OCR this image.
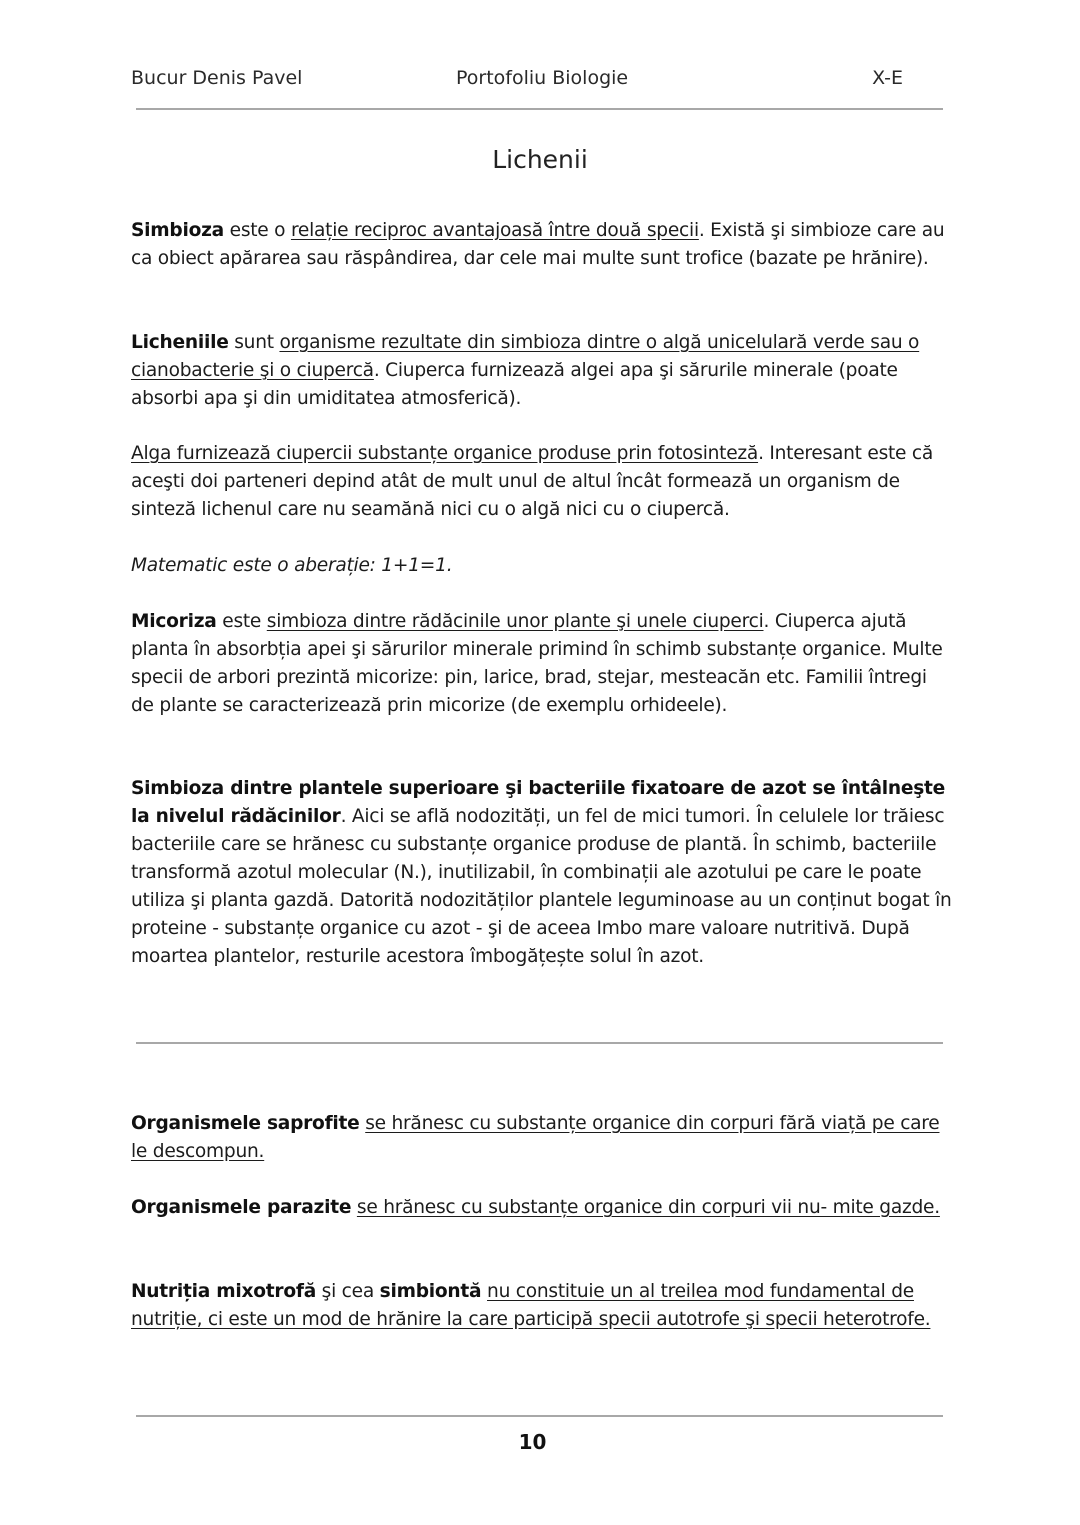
Bucur Denis Pavel	Portofoliu Biologie	X-E
Lichenii
Simbioza este o relație reciproc avantajoasă între două specii. Există şi simbioze care au ca obiect apărarea sau răspândirea, dar cele mai multe sunt trofice (bazate pe hrănire).
Licheniile sunt organisme rezultate din simbioza dintre o algă unicelulară verde sau o cianobacterie şi o ciupercă. Ciuperca furnizează algei apa şi sărurile minerale (poate absorbi apa şi din umiditatea atmosferică).
Alga furnizează ciupercii substanțe organice produse prin fotosinteză. Interesant este că aceşti doi parteneri depind atât de mult unul de altul încât formează un organism de sinteză lichenul care nu seamănă nici cu o algă nici cu o ciupercă.
Matematic este o aberație: 1+1=1.
Micoriza este simbioza dintre rădăcinile unor plante şi unele ciuperci. Ciuperca ajută planta în absorbția apei şi sărurilor minerale primind în schimb substanțe organice. Multe specii de arbori prezintă micorize: pin, larice, brad, stejar, mesteacăn etc. Familii întregi de plante se caracterizează prin micorize (de exemplu orhideele).
Simbioza dintre plantele superioare şi bacteriile fixatoare de azot se întâlneşte la nivelul rădăcinilor. Aici se află nodozități, un fel de mici tumori. În celulele lor trăiesc bacteriile care se hrănesc cu substanțe organice produse de plantă. În schimb, bacteriile transformă azotul molecular (N.), inutilizabil, în combinații ale azotului pe care le poate utiliza şi planta gazdă. Datorită nodozităților plantele leguminoase au un conținut bogat în proteine - substanțe organice cu azot - şi de aceea Imbo mare valoare nutritivă. După moartea plantelor, resturile acestora îmbogățește solul în azot.
Organismele saprofite se hrănesc cu substanțe organice din corpuri fără viață pe care le descompun.
Organismele parazite se hrănesc cu substanțe organice din corpuri vii nu- mite gazde.
Nutriția mixotrofă şi cea simbiontă nu constituie un al treilea mod fundamental de nutriție, ci este un mod de hrănire la care participă specii autotrofe şi specii heterotrofe.
10
